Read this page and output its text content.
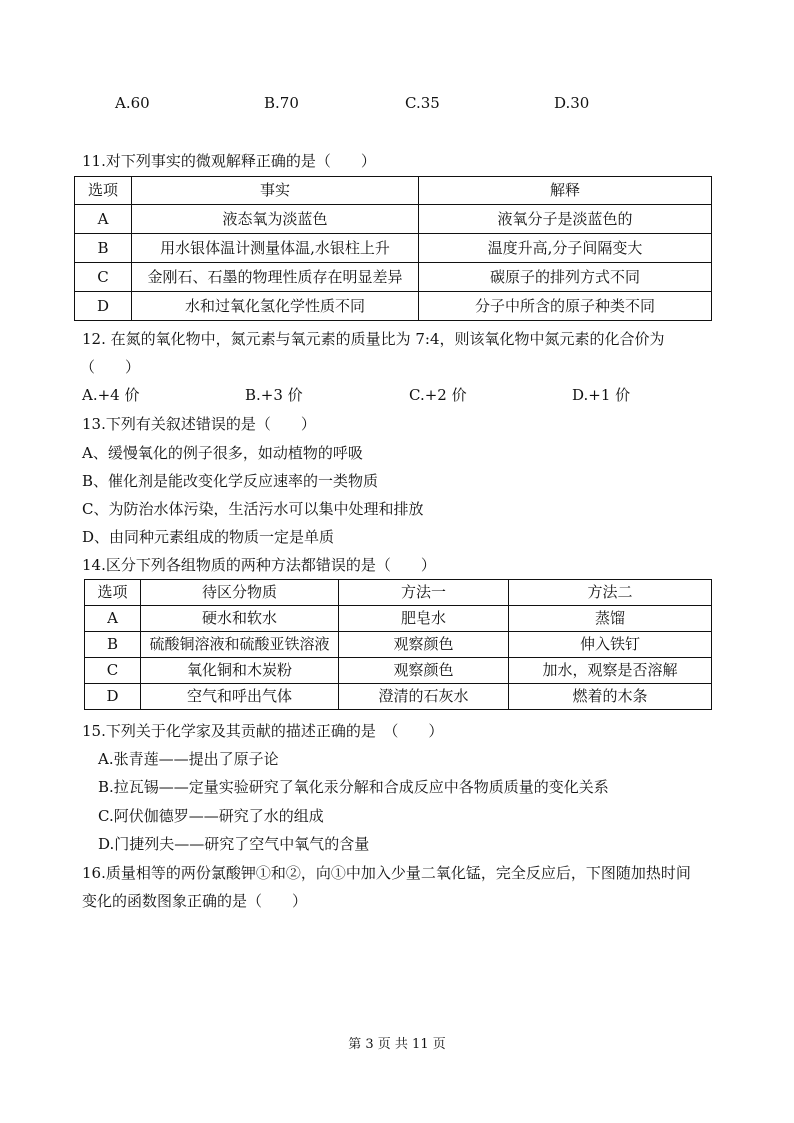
A.60	B.70	C.35	D.30
11.对下列事实的微观解释正确的是（　　）
选项	事实	解释
A	液态氧为淡蓝色	液氧分子是淡蓝色的
B	用水银体温计测量体温,水银柱上升	温度升高,分子间隔变大
C	金刚石、石墨的物理性质存在明显差异	碳原子的排列方式不同
D	水和过氧化氢化学性质不同	分子中所含的原子种类不同
12. 在氮的氧化物中，氮元素与氧元素的质量比为 7:4，则该氧化物中氮元素的化合价为
（　　）
A.+4 价	B.+3 价	C.+2 价	D.+1 价
13.下列有关叙述错误的是（　　）
A、缓慢氧化的例子很多，如动植物的呼吸
B、催化剂是能改变化学反应速率的一类物质
C、为防治水体污染，生活污水可以集中处理和排放
D、由同种元素组成的物质一定是单质
14.区分下列各组物质的两种方法都错误的是（　　）
选项	待区分物质	方法一	方法二
A	硬水和软水	肥皂水	蒸馏
B	硫酸铜溶液和硫酸亚铁溶液	观察颜色	伸入铁钉
C	氧化铜和木炭粉	观察颜色	加水，观察是否溶解
D	空气和呼出气体	澄清的石灰水	燃着的木条
15.下列关于化学家及其贡献的描述正确的是　（　　）
A.张青莲——提出了原子论
B.拉瓦锡——定量实验研究了氧化汞分解和合成反应中各物质质量的变化关系
C.阿伏伽德罗——研究了水的组成
D.门捷列夫——研究了空气中氧气的含量
16.质量相等的两份氯酸钾①和②，向①中加入少量二氧化锰，完全反应后，下图随加热时间
变化的函数图象正确的是（　　）
第 3 页 共 11 页
